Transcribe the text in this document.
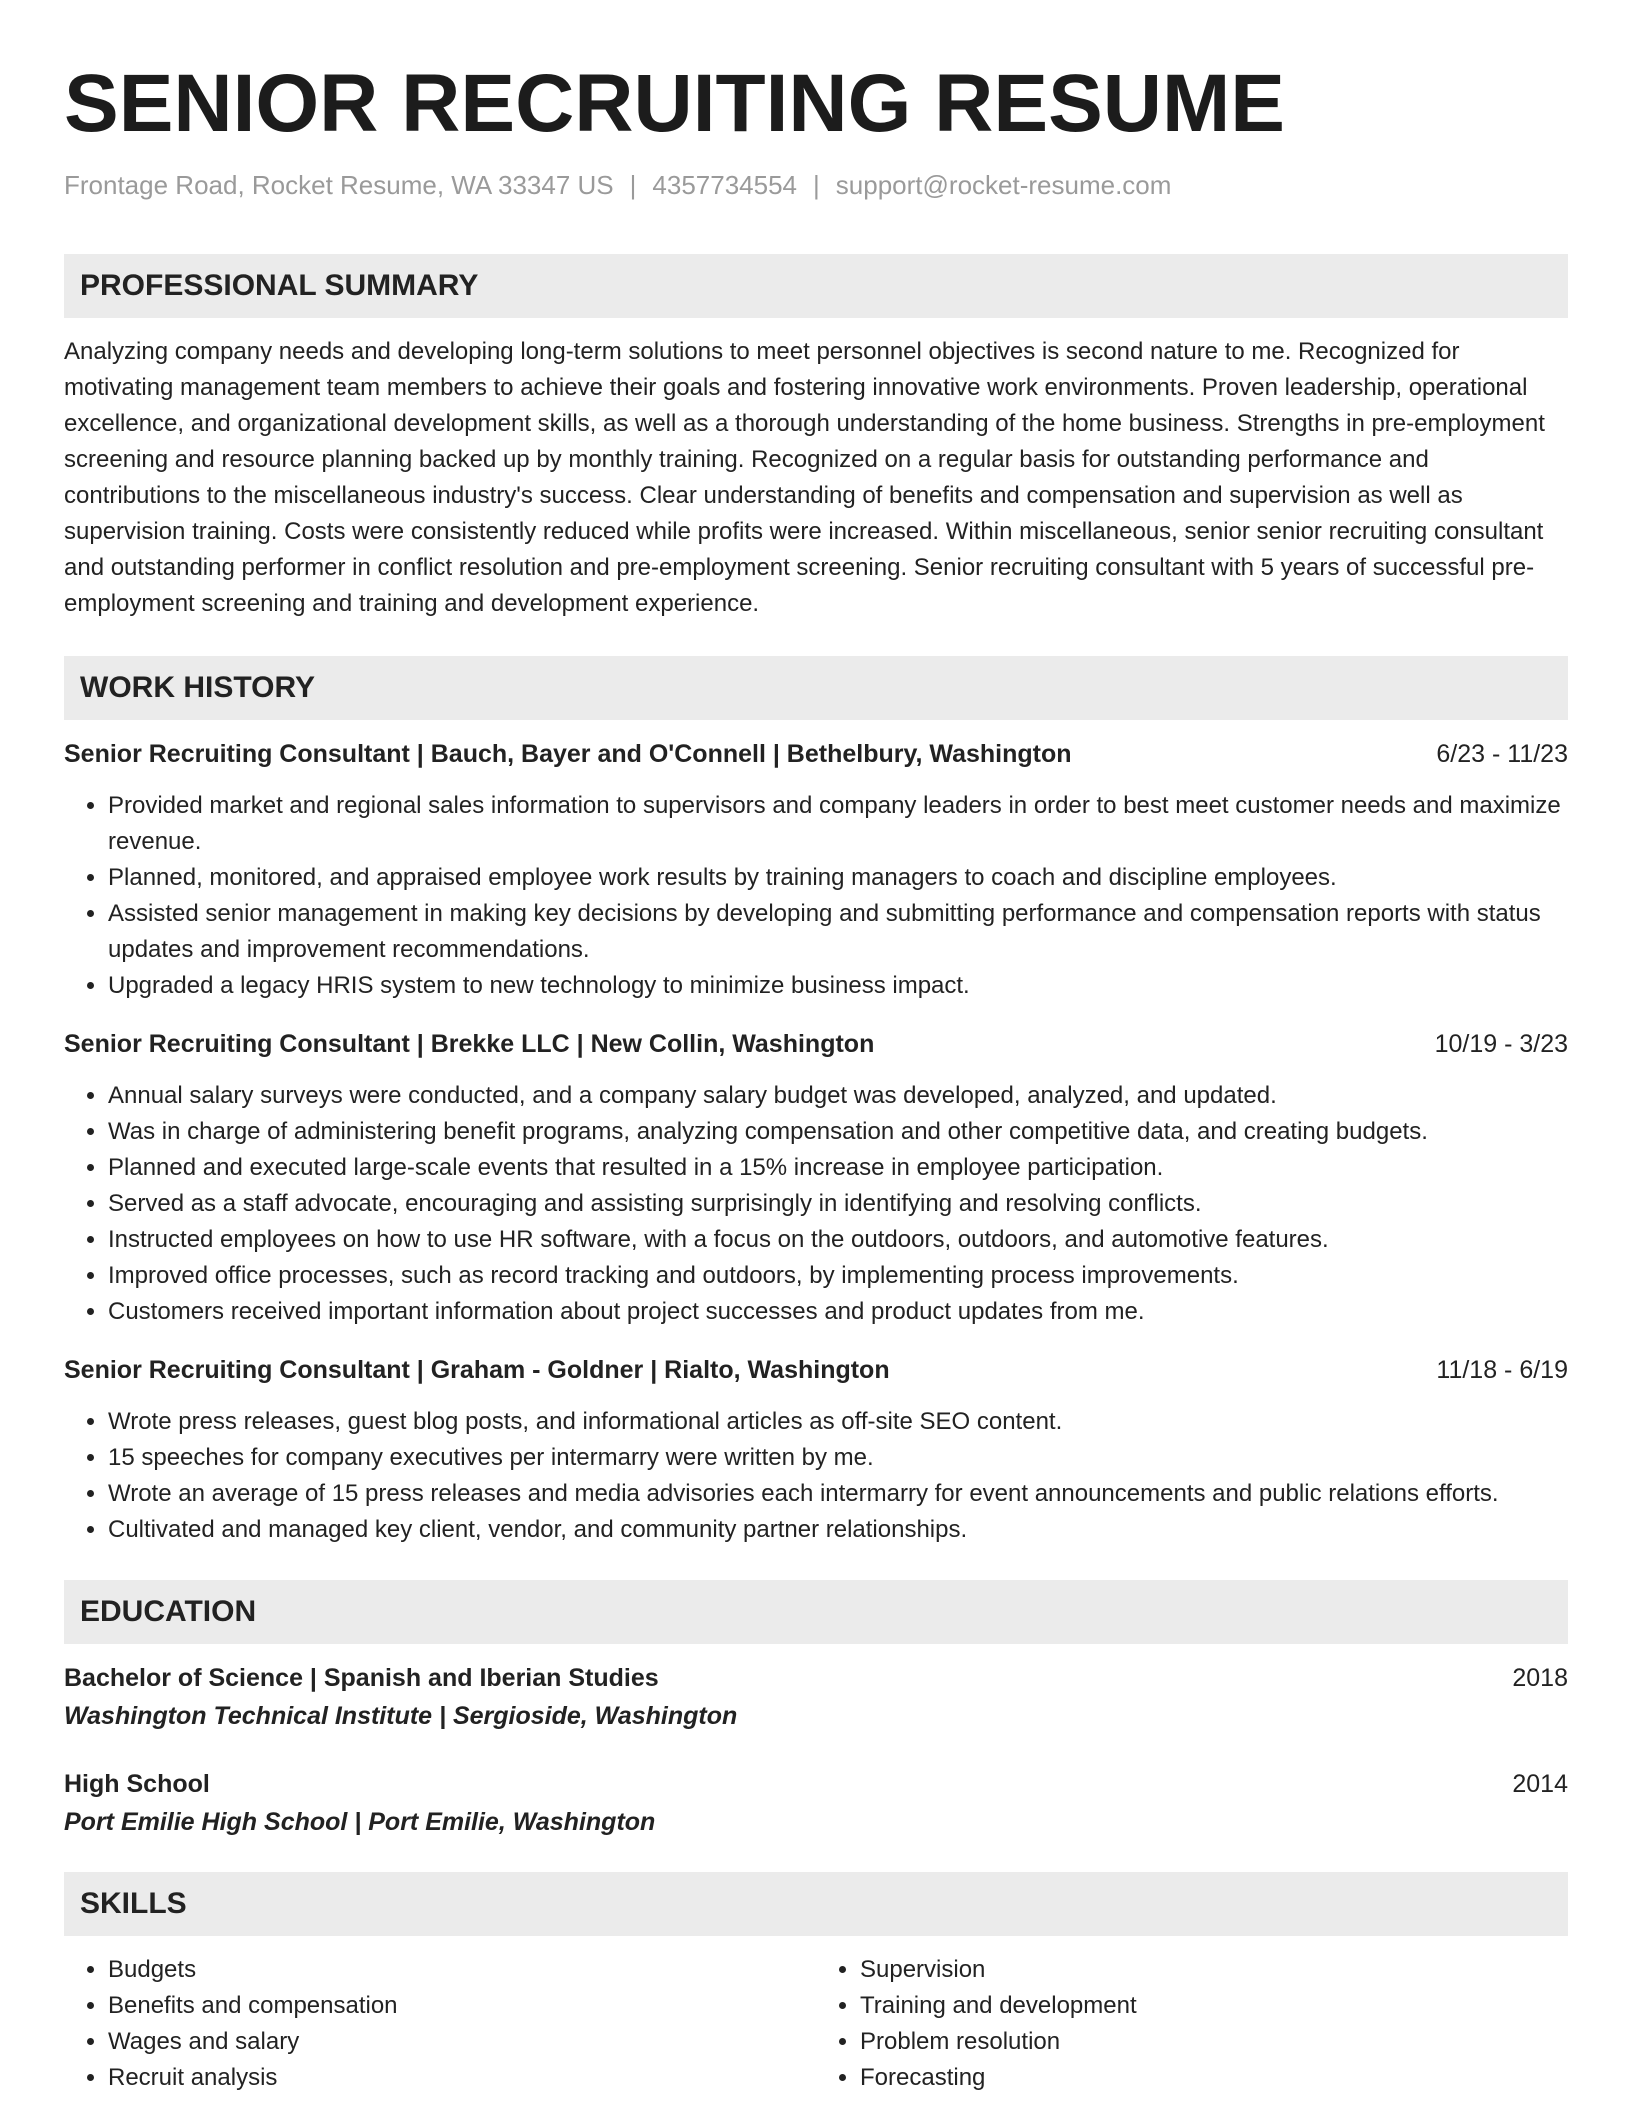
SENIOR RECRUITING RESUME
Frontage Road, Rocket Resume, WA 33347 US | 4357734554 | support@rocket-resume.com
PROFESSIONAL SUMMARY

Analyzing company needs and developing long-term solutions to meet personnel objectives is second nature to me. Recognized for motivating management team members to achieve their goals and fostering innovative work environments. Proven leadership, operational excellence, and organizational development skills, as well as a thorough understanding of the home business. Strengths in pre-employment screening and resource planning backed up by monthly training. Recognized on a regular basis for outstanding performance and contributions to the miscellaneous industry's success. Clear understanding of benefits and compensation and supervision as well as supervision training. Costs were consistently reduced while profits were increased. Within miscellaneous, senior senior recruiting consultant and outstanding performer in conflict resolution and pre-employment screening. Senior recruiting consultant with 5 years of successful pre-employment screening and training and development experience.

WORK HISTORY
Senior Recruiting Consultant | Bauch, Bayer and O'Connell | Bethelbury, Washington	6/23 - 11/23
• Provided market and regional sales information to supervisors and company leaders in order to best meet customer needs and maximize revenue.
• Planned, monitored, and appraised employee work results by training managers to coach and discipline employees.
• Assisted senior management in making key decisions by developing and submitting performance and compensation reports with status updates and improvement recommendations.
• Upgraded a legacy HRIS system to new technology to minimize business impact.
Senior Recruiting Consultant | Brekke LLC | New Collin, Washington	10/19 - 3/23
• Annual salary surveys were conducted, and a company salary budget was developed, analyzed, and updated.
• Was in charge of administering benefit programs, analyzing compensation and other competitive data, and creating budgets.
• Planned and executed large-scale events that resulted in a 15% increase in employee participation.
• Served as a staff advocate, encouraging and assisting surprisingly in identifying and resolving conflicts.
• Instructed employees on how to use HR software, with a focus on the outdoors, outdoors, and automotive features.
• Improved office processes, such as record tracking and outdoors, by implementing process improvements.
• Customers received important information about project successes and product updates from me.
Senior Recruiting Consultant | Graham - Goldner | Rialto, Washington	11/18 - 6/19
• Wrote press releases, guest blog posts, and informational articles as off-site SEO content.
• 15 speeches for company executives per intermarry were written by me.
• Wrote an average of 15 press releases and media advisories each intermarry for event announcements and public relations efforts.
• Cultivated and managed key client, vendor, and community partner relationships.
EDUCATION
Bachelor of Science | Spanish and Iberian Studies	2018
Washington Technical Institute | Sergioside, Washington
High School	2014
Port Emilie High School | Port Emilie, Washington
SKILLS
• Budgets
• Benefits and compensation
• Wages and salary
• Recruit analysis
• Supervision
• Training and development
• Problem resolution
• Forecasting
